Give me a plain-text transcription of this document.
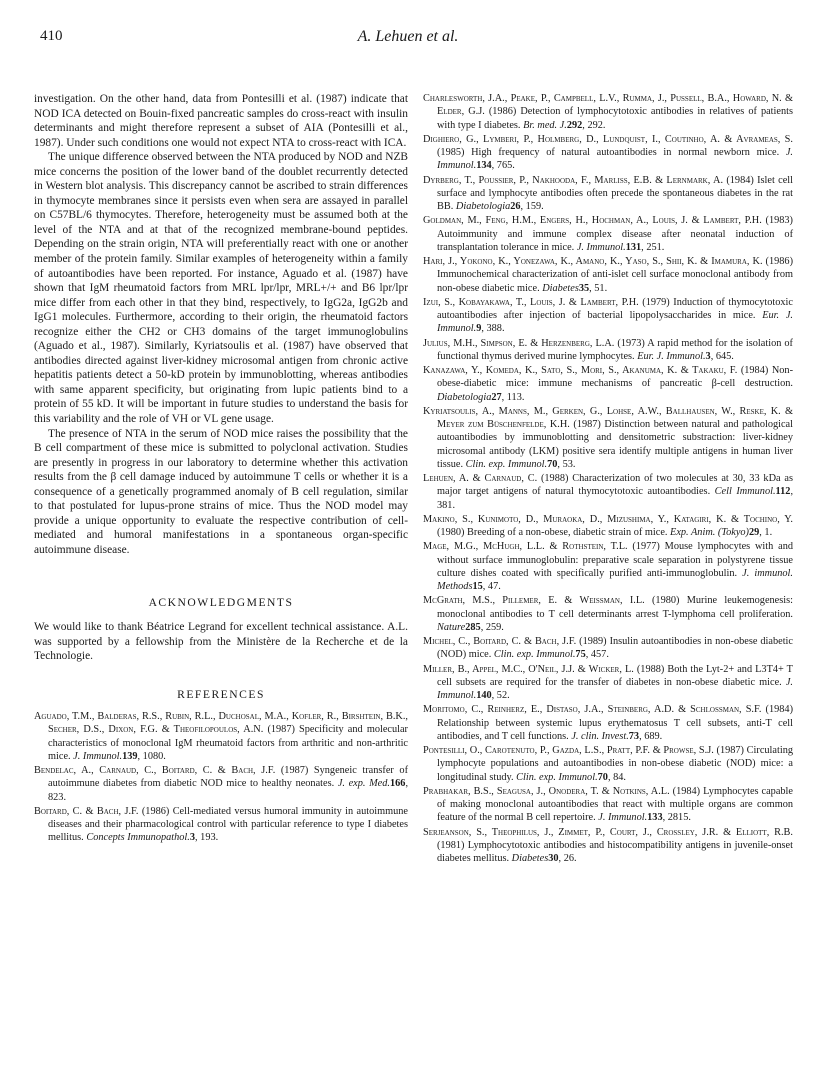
410	A. Lehuen et al.

investigation. On the other hand, data from Pontesilli et al. (1987) indicate that NOD ICA detected on Bouin-fixed pancreatic samples do cross-react with insulin determinants and might therefore represent a subset of AIA (Pontesilli et al., 1987). Under such conditions one would not expect NTA to cross-react with ICA.

The unique difference observed between the NTA produced by NOD and NZB mice concerns the position of the lower band of the doublet recurrently detected in Western blot analysis. This discrepancy cannot be ascribed to strain differences in thymocyte membranes since it persists even when sera are assayed in parallel on C57BL/6 thymocytes. Therefore, heterogeneity must be assumed both at the level of the NTA and at that of the recognized membrane-bound peptides. Depending on the strain origin, NTA will preferentially react with one or another member of the protein family. Similar examples of heterogeneity within a family of autoantibodies have been reported. For instance, Aguado et al. (1987) have shown that IgM rheumatoid factors from MRL lpr/lpr, MRL+/+ and B6 lpr/lpr mice differ from each other in that they bind, respectively, to IgG2a, IgG2b and IgG1 molecules. Furthermore, according to their origin, the rheumatoid factors recognize either the CH2 or CH3 domains of the target immunoglobulins (Aguado et al., 1987). Similarly, Kyriatsoulis et al. (1987) have observed that antibodies directed against liver-kidney microsomal antigen from chronic active hepatitis patients detect a 50-kD protein by immunoblotting, whereas antibodies with same apparent specificity, but originating from lupic patients bind to a protein of 55 kD. It will be important in future studies to understand the basis for this variability and the role of VH or VL gene usage.

The presence of NTA in the serum of NOD mice raises the possibility that the B cell compartment of these mice is submitted to polyclonal activation. Studies are presently in progress in our laboratory to determine whether this activation results from the β cell damage induced by autoimmune T cells or whether it is a consequence of a genetically programmed anomaly of B cell regulation, similar to that postulated for lupus-prone strains of mice. Thus the NOD model may provide a unique opportunity to evaluate the respective contribution of cell-mediated and humoral manifestations in a spontaneous organ-specific autoimmune disease.

ACKNOWLEDGMENTS

We would like to thank Béatrice Legrand for excellent technical assistance. A.L. was supported by a fellowship from the Ministère de la Recherche et de la Technologie.

REFERENCES

Aguado, T.M., Balderas, R.S., Rubin, R.L., Duchosal, M.A., Kofler, R., Birshtein, B.K., Secher, D.S., Dixon, F.G. & Theofilopoulos, A.N. (1987) Specificity and molecular characteristics of monoclonal IgM rheumatoid factors from arthritic and non-arthritic mice. J. Immunol.139, 1080.

Bendelac, A., Carnaud, C., Boitard, C. & Bach, J.F. (1987) Syngeneic transfer of autoimmune diabetes from diabetic NOD mice to healthy neonates. J. exp. Med.166, 823.

Boitard, C. & Bach, J.F. (1986) Cell-mediated versus humoral immunity in autoimmune diseases and their pharmacological control with particular reference to type I diabetes mellitus. Concepts Immunopathol.3, 193.

Charlesworth, J.A., Peake, P., Campbell, L.V., Rumma, J., Pussell, B.A., Howard, N. & Elder, G.J. (1986) Detection of lymphocytotoxic antibodies in relatives of patients with type I diabetes. Br. med. J.292, 292.

Dighiero, G., Lymberi, P., Holmberg, D., Lundquist, I., Coutinho, A. & Avrameas, S. (1985) High frequency of natural autoantibodies in normal newborn mice. J. Immunol.134, 765.

Dyrberg, T., Poussier, P., Nakhooda, F., Marliss, E.B. & Lernmark, A. (1984) Islet cell surface and lymphocyte antibodies often precede the spontaneous diabetes in the rat BB. Diabetologia26, 159.

Goldman, M., Feng, H.M., Engers, H., Hochman, A., Louis, J. & Lambert, P.H. (1983) Autoimmunity and immune complex disease after neonatal induction of transplantation tolerance in mice. J. Immunol.131, 251.

Hari, J., Yokono, K., Yonezawa, K., Amano, K., Yaso, S., Shii, K. & Imamura, K. (1986) Immunochemical characterization of anti-islet cell surface monoclonal antibody from non-obese diabetic mice. Diabetes35, 51.

Izui, S., Kobayakawa, T., Louis, J. & Lambert, P.H. (1979) Induction of thymocytotoxic autoantibodies after injection of bacterial lipopolysaccharides in mice. Eur. J. Immunol.9, 388.

Julius, M.H., Simpson, E. & Herzenberg, L.A. (1973) A rapid method for the isolation of functional thymus derived murine lymphocytes. Eur. J. Immunol.3, 645.

Kanazawa, Y., Komeda, K., Sato, S., Mori, S., Akanuma, K. & Takaku, F. (1984) Non-obese-diabetic mice: immune mechanisms of pancreatic β-cell destruction. Diabetologia27, 113.

Kyriatsoulis, A., Manns, M., Gerken, G., Lohse, A.W., Ballhausen, W., Reske, K. & Meyer zum Büschenfelde, K.H. (1987) Distinction between natural and pathological autoantibodies by immunoblotting and densitometric substraction: liver-kidney microsomal antibody (LKM) positive sera identify multiple antigens in human liver tissue. Clin. exp. Immunol.70, 53.

Lehuen, A. & Carnaud, C. (1988) Characterization of two molecules at 30, 33 kDa as major target antigens of natural thymocytotoxic autoantibodies. Cell Immunol.112, 381.

Makino, S., Kunimoto, D., Muraoka, D., Mizushima, Y., Katagiri, K. & Tochino, Y. (1980) Breeding of a non-obese, diabetic strain of mice. Exp. Anim. (Tokyo)29, 1.

Mage, M.G., McHugh, L.L. & Rothstein, T.L. (1977) Mouse lymphocytes with and without surface immunoglobulin: preparative scale separation in polystyrene tissue culture dishes coated with specifically purified anti-immunoglobulin. J. immunol. Methods15, 47.

McGrath, M.S., Pillemer, E. & Weissman, I.L. (1980) Murine leukemogenesis: monoclonal antibodies to T cell determinants arrest T-lymphoma cell proliferation. Nature285, 259.

Michel, C., Boitard, C. & Bach, J.F. (1989) Insulin autoantibodies in non-obese diabetic (NOD) mice. Clin. exp. Immunol.75, 457.

Miller, B., Appel, M.C., O'Neil, J.J. & Wicker, L. (1988) Both the Lyt-2+ and L3T4+ T cell subsets are required for the transfer of diabetes in non-obese diabetic mice. J. Immunol.140, 52.

Moritomo, C., Reinherz, E., Distaso, J.A., Steinberg, A.D. & Schlossman, S.F. (1984) Relationship between systemic lupus erythematosus T cell subsets, anti-T cell antibodies, and T cell functions. J. clin. Invest.73, 689.

Pontesilli, O., Carotenuto, P., Gazda, L.S., Pratt, P.F. & Prowse, S.J. (1987) Circulating lymphocyte populations and autoantibodies in non-obese diabetic (NOD) mice: a longitudinal study. Clin. exp. Immunol.70, 84.

Prabhakar, B.S., Seagusa, J., Onodera, T. & Notkins, A.L. (1984) Lymphocytes capable of making monoclonal autoantibodies that react with multiple organs are common feature of the normal B cell repertoire. J. Immunol.133, 2815.

Serjeanson, S., Theophilus, J., Zimmet, P., Court, J., Crossley, J.R. & Elliott, R.B. (1981) Lymphocytotoxic antibodies and histocompatibility antigens in juvenile-onset diabetes mellitus. Diabetes30, 26.
